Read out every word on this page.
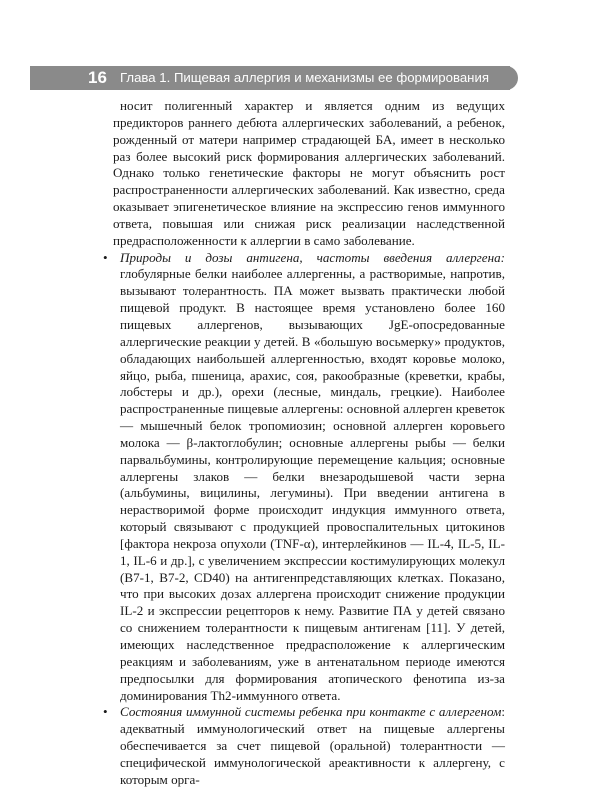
16 Глава 1. Пищевая аллергия и механизмы ее формирования

носит полигенный характер и является одним из ведущих предикторов раннего дебюта аллергических заболеваний, а ребенок, рожденный от матери например страдающей БА, имеет в несколько раз более высокий риск формирования аллергических заболеваний. Однако только генетические факторы не могут объяснить рост распространенности аллергических заболеваний. Как известно, среда оказывает эпигенетическое влияние на экспрессию генов иммунного ответа, повышая или снижая риск реализации наследственной предрасположенности к аллергии в само заболевание.

• Природы и дозы антигена, частоты введения аллергена: глобулярные белки наиболее аллергенны, а растворимые, напротив, вызывают толерантность. ПА может вызвать практически любой пищевой продукт. В настоящее время установлено более 160 пищевых аллергенов, вызывающих JgE-опосредованные аллергические реакции у детей. В «большую восьмерку» продуктов, обладающих наибольшей аллергенностью, входят коровье молоко, яйцо, рыба, пшеница, арахис, соя, ракообразные (креветки, крабы, лобстеры и др.), орехи (лесные, миндаль, грецкие). Наиболее распространенные пищевые аллергены: основной аллерген креветок — мышечный белок тропомиозин; основной аллерген коровьего молока — β-лактоглобулин; основные аллергены рыбы — белки парвальбумины, контролирующие перемещение кальция; основные аллергены злаков — белки внезародышевой части зерна (альбумины, вицилины, легумины). При введении антигена в нерастворимой форме происходит индукция иммунного ответа, который связывают с продукцией провоспалительных цитокинов [фактора некроза опухоли (TNF-α), интерлейкинов — IL-4, IL-5, IL-1, IL-6 и др.], с увеличением экспрессии костимулирующих молекул (B7-1, B7-2, CD40) на антигенпредставляющих клетках. Показано, что при высоких дозах аллергена происходит снижение продукции IL-2 и экспрессии рецепторов к нему. Развитие ПА у детей связано со снижением толерантности к пищевым антигенам [11]. У детей, имеющих наследственное предрасположение к аллергическим реакциям и заболеваниям, уже в антенатальном периоде имеются предпосылки для формирования атопического фенотипа из-за доминирования Th2-иммунного ответа.

• Состояния иммунной системы ребенка при контакте с аллергеном: адекватный иммунологический ответ на пищевые аллергены обеспечивается за счет пищевой (оральной) толерантности — специфической иммунологической ареактивности к аллергену, с которым орга-
